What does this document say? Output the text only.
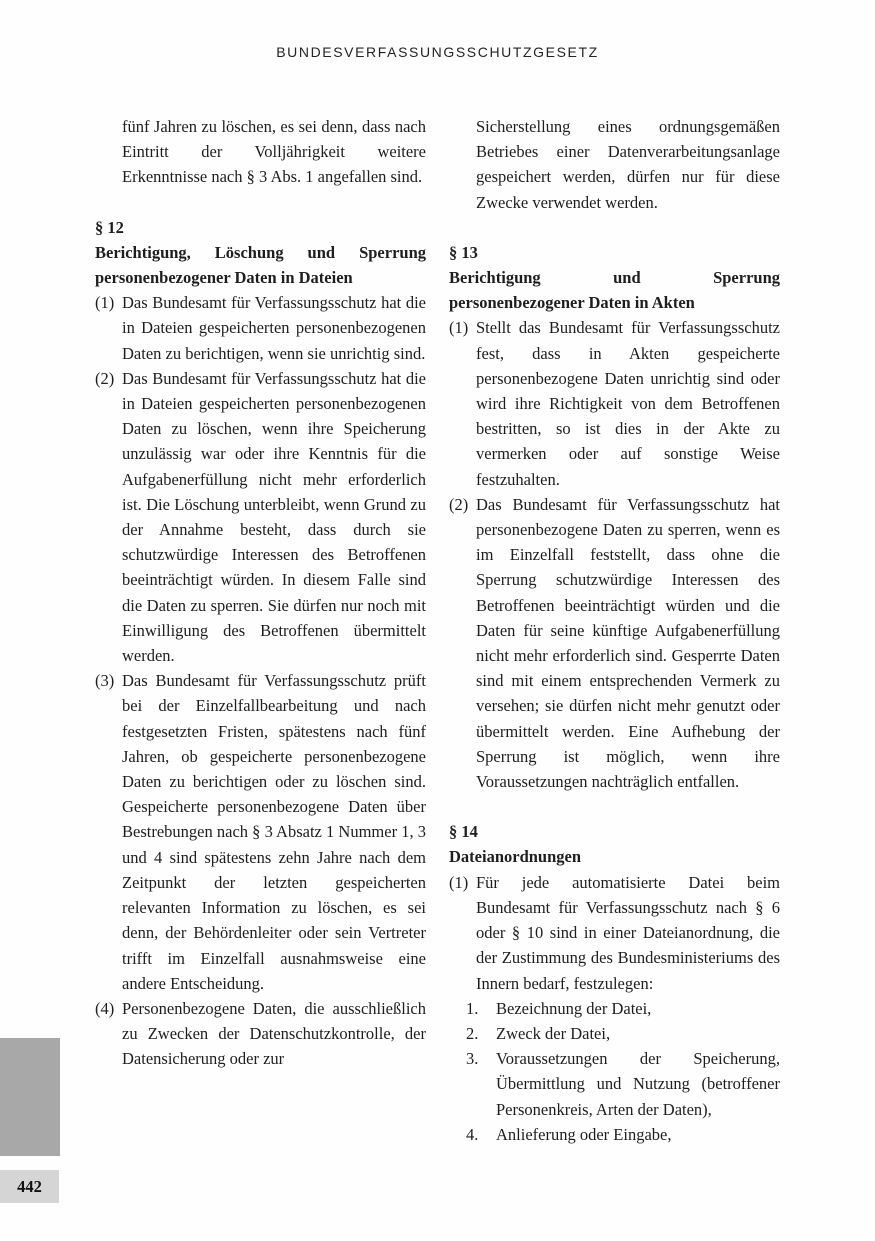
BUNDESVERFASSUNGSSCHUTZGESETZ
fünf Jahren zu löschen, es sei denn, dass nach Eintritt der Volljährigkeit weitere Erkenntnisse nach § 3 Abs. 1 angefallen sind.
§ 12
Berichtigung, Löschung und Sperrung personenbezogener Daten in Dateien
(1) Das Bundesamt für Verfassungsschutz hat die in Dateien gespeicherten personenbezogenen Daten zu berichtigen, wenn sie unrichtig sind.
(2) Das Bundesamt für Verfassungsschutz hat die in Dateien gespeicherten personenbezogenen Daten zu löschen, wenn ihre Speicherung unzulässig war oder ihre Kenntnis für die Aufgabenerfüllung nicht mehr erforderlich ist. Die Löschung unterbleibt, wenn Grund zu der Annahme besteht, dass durch sie schutzwürdige Interessen des Betroffenen beeinträchtigt würden. In diesem Falle sind die Daten zu sperren. Sie dürfen nur noch mit Einwilligung des Betroffenen übermittelt werden.
(3) Das Bundesamt für Verfassungsschutz prüft bei der Einzelfallbearbeitung und nach festgesetzten Fristen, spätestens nach fünf Jahren, ob gespeicherte personenbezogene Daten zu berichtigen oder zu löschen sind. Gespeicherte personenbezogene Daten über Bestrebungen nach § 3 Absatz 1 Nummer 1, 3 und 4 sind spätestens zehn Jahre nach dem Zeitpunkt der letzten gespeicherten relevanten Information zu löschen, es sei denn, der Behördenleiter oder sein Vertreter trifft im Einzelfall ausnahmsweise eine andere Entscheidung.
(4) Personenbezogene Daten, die ausschließlich zu Zwecken der Datenschutzkontrolle, der Datensicherung oder zur
Sicherstellung eines ordnungsgemäßen Betriebes einer Datenverarbeitungsanlage gespeichert werden, dürfen nur für diese Zwecke verwendet werden.
§ 13
Berichtigung und Sperrung personenbezogener Daten in Akten
(1) Stellt das Bundesamt für Verfassungsschutz fest, dass in Akten gespeicherte personenbezogene Daten unrichtig sind oder wird ihre Richtigkeit von dem Betroffenen bestritten, so ist dies in der Akte zu vermerken oder auf sonstige Weise festzuhalten.
(2) Das Bundesamt für Verfassungsschutz hat personenbezogene Daten zu sperren, wenn es im Einzelfall feststellt, dass ohne die Sperrung schutzwürdige Interessen des Betroffenen beeinträchtigt würden und die Daten für seine künftige Aufgabenerfüllung nicht mehr erforderlich sind. Gesperrte Daten sind mit einem entsprechenden Vermerk zu versehen; sie dürfen nicht mehr genutzt oder übermittelt werden. Eine Aufhebung der Sperrung ist möglich, wenn ihre Voraussetzungen nachträglich entfallen.
§ 14
Dateianordnungen
(1) Für jede automatisierte Datei beim Bundesamt für Verfassungsschutz nach § 6 oder § 10 sind in einer Dateianordnung, die der Zustimmung des Bundesministeriums des Innern bedarf, festzulegen:
1.	Bezeichnung der Datei,
2.	Zweck der Datei,
3.	Voraussetzungen der Speicherung, Übermittlung und Nutzung (betroffener Personenkreis, Arten der Daten),
4.	Anlieferung oder Eingabe,
442
